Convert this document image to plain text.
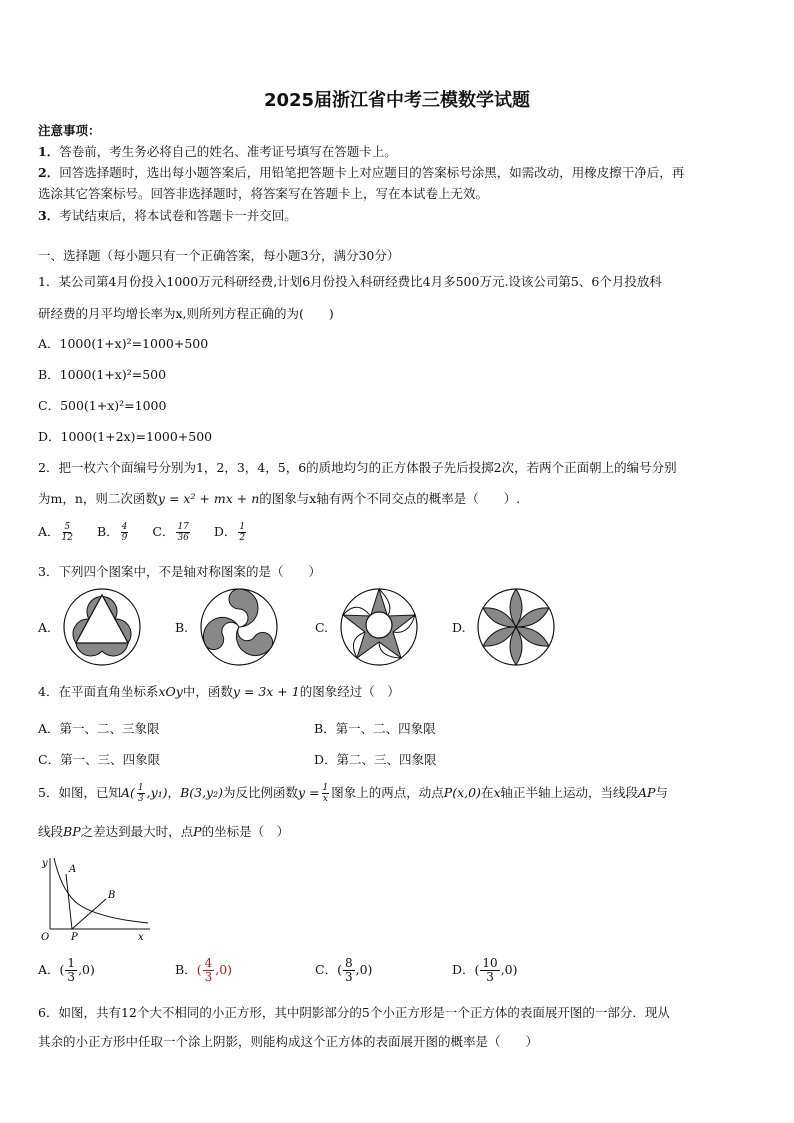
2025届浙江省中考三模数学试题
注意事项：
1．答卷前，考生务必将自己的姓名、准考证号填写在答题卡上。
2．回答选择题时，选出每小题答案后，用铅笔把答题卡上对应题目的答案标号涂黑，如需改动，用橡皮擦干净后，再
选涂其它答案标号。回答非选择题时，将答案写在答题卡上，写在本试卷上无效。
3．考试结束后，将本试卷和答题卡一并交回。
一、选择题（每小题只有一个正确答案，每小题3分，满分30分）
1．某公司第4月份投入1000万元科研经费,计划6月份投入科研经费比4月多500万元.设该公司第5、6个月投放科
研经费的月平均增长率为x,则所列方程正确的为(　　)
A．1000(1+x)²=1000+500
B．1000(1+x)²=500
C．500(1+x)²=1000
D．1000(1+2x)=1000+500
2．把一枚六个面编号分别为1，2，3，4，5，6的质地均匀的正方体骰子先后投掷2次，若两个正面朝上的编号分别
为m，n，则二次函数y = x² + mx + n的图象与x轴有两个不同交点的概率是（　　）.
A． $\frac{5}{12}$ B． $\frac{4}{9}$ C． $\frac{17}{36}$ D． $\frac{1}{2}$
3．下列四个图案中，不是轴对称图案的是（　　）
A.	B.	C.	D.
4．在平面直角坐标系xOy中，函数y = 3x + 1的图象经过（　）
A．第一、二、三象限	B．第一、二、四象限
C．第一、三、四象限	D．第二、三、四象限
5．如图，已知$A( \frac{1}{3} ,y_1)$，B(3,y₂)为反比例函数$y = \frac{1}{x}$ 图象上的两点，动点P(x,0)在x轴正半轴上运动，当线段AP与
线段BP之差达到最大时，点P的坐标是（　）
y
A
B
O P	x
A．( $\frac{1}{3} ,0$)	B．( $\frac{4}{3} ,0$)	C．( $\frac{8}{3} ,0$)	D．( $\frac{10}{3} ,0$)
6．如图，共有12个大不相同的小正方形，其中阴影部分的5个小正方形是一个正方体的表面展开图的一部分．现从
其余的小正方形中任取一个涂上阴影，则能构成这个正方体的表面展开图的概率是（　　）
